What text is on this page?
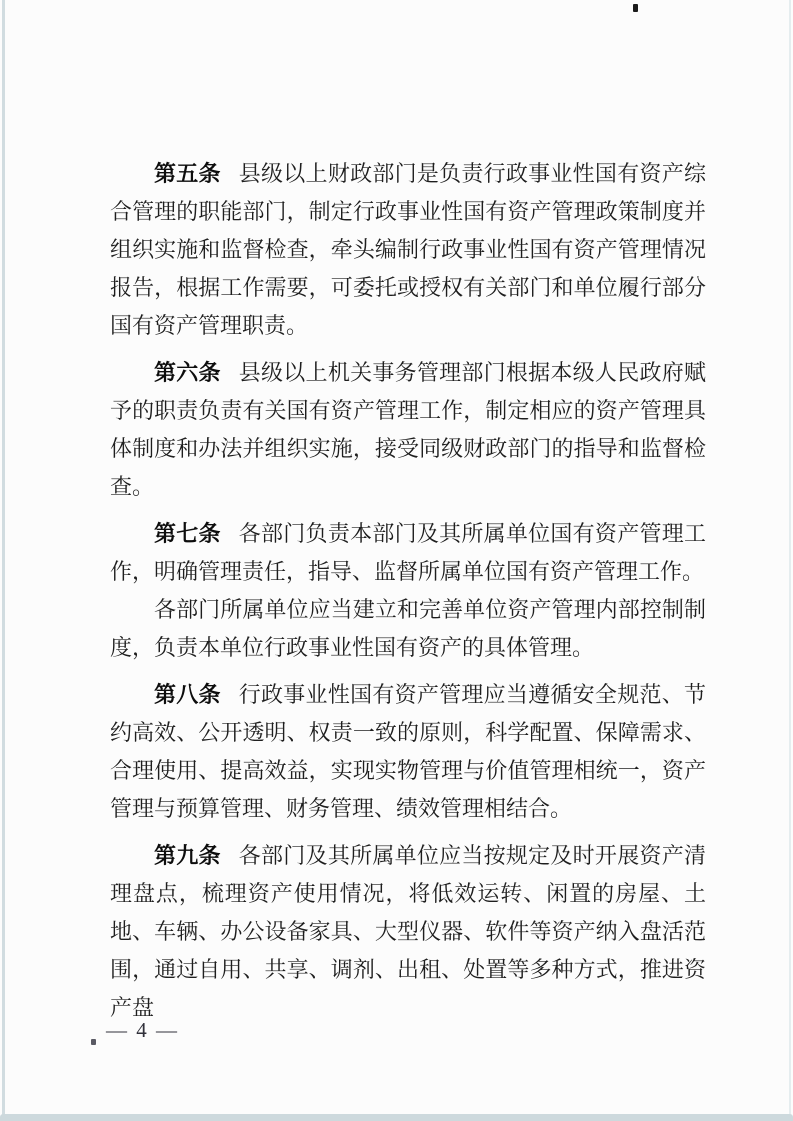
第五条 县级以上财政部门是负责行政事业性国有资产综合管理的职能部门，制定行政事业性国有资产管理政策制度并组织实施和监督检查，牵头编制行政事业性国有资产管理情况报告，根据工作需要，可委托或授权有关部门和单位履行部分国有资产管理职责。

第六条 县级以上机关事务管理部门根据本级人民政府赋予的职责负责有关国有资产管理工作，制定相应的资产管理具体制度和办法并组织实施，接受同级财政部门的指导和监督检查。

第七条 各部门负责本部门及其所属单位国有资产管理工作，明确管理责任，指导、监督所属单位国有资产管理工作。

各部门所属单位应当建立和完善单位资产管理内部控制制度，负责本单位行政事业性国有资产的具体管理。

第八条 行政事业性国有资产管理应当遵循安全规范、节约高效、公开透明、权责一致的原则，科学配置、保障需求、合理使用、提高效益，实现实物管理与价值管理相统一，资产管理与预算管理、财务管理、绩效管理相结合。

第九条 各部门及其所属单位应当按规定及时开展资产清理盘点，梳理资产使用情况，将低效运转、闲置的房屋、土地、车辆、办公设备家具、大型仪器、软件等资产纳入盘活范围，通过自用、共享、调剂、出租、处置等多种方式，推进资产盘

— 4 —
